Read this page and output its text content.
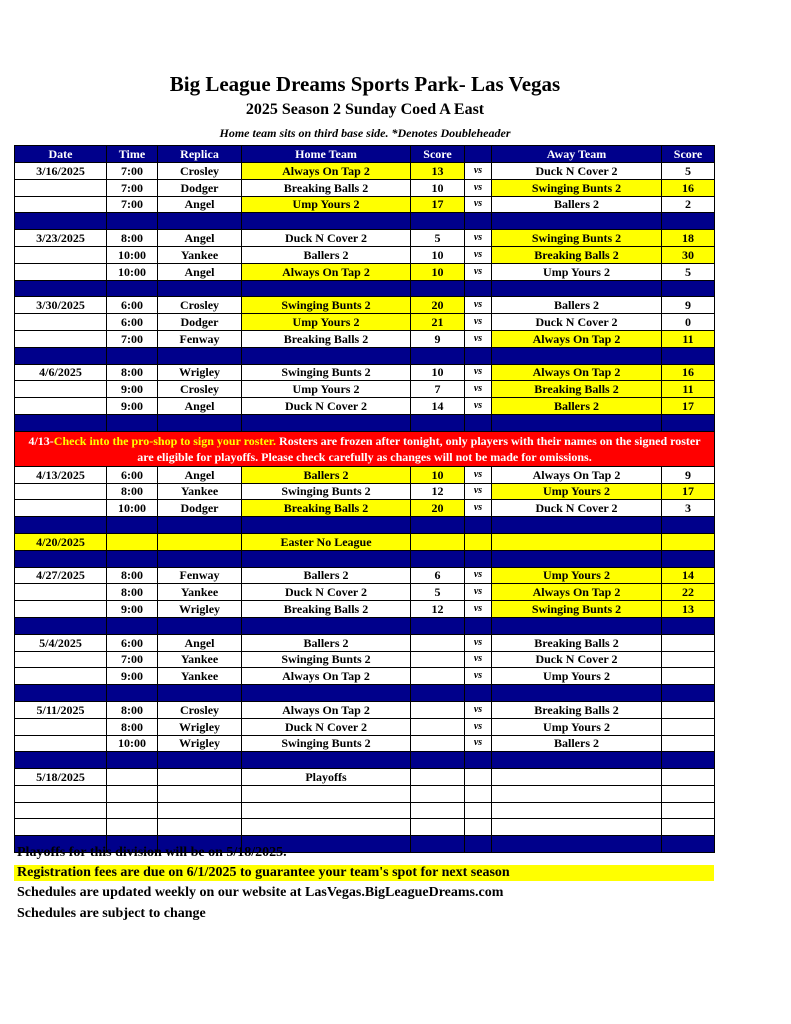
Big League Dreams Sports Park- Las Vegas
2025 Season 2 Sunday Coed A East
Home team sits on third base side. *Denotes Doubleheader
Date	Time	Replica	Home Team	Score		Away Team	Score
3/16/2025	7:00	Crosley	Always On Tap 2	13	vs	Duck N Cover 2	5
	7:00	Dodger	Breaking Balls 2	10	vs	Swinging Bunts 2	16
	7:00	Angel	Ump Yours 2	17	vs	Ballers 2	2

3/23/2025	8:00	Angel	Duck N Cover 2	5	vs	Swinging Bunts 2	18
	10:00	Yankee	Ballers 2	10	vs	Breaking Balls 2	30
	10:00	Angel	Always On Tap 2	10	vs	Ump Yours 2	5

3/30/2025	6:00	Crosley	Swinging Bunts 2	20	vs	Ballers 2	9
	6:00	Dodger	Ump Yours 2	21	vs	Duck N Cover 2	0
	7:00	Fenway	Breaking Balls 2	9	vs	Always On Tap 2	11

4/6/2025	8:00	Wrigley	Swinging Bunts 2	10	vs	Always On Tap 2	16
	9:00	Crosley	Ump Yours 2	7	vs	Breaking Balls 2	11
	9:00	Angel	Duck N Cover 2	14	vs	Ballers 2	17

4/13-Check into the pro-shop to sign your roster. Rosters are frozen after tonight, only players with their names on the signed roster are eligible for playoffs. Please check carefully as changes will not be made for omissions.							
4/13/2025	6:00	Angel	Ballers 2	10	vs	Always On Tap 2	9
	8:00	Yankee	Swinging Bunts 2	12	vs	Ump Yours 2	17
	10:00	Dodger	Breaking Balls 2	20	vs	Duck N Cover 2	3

4/20/2025			Easter No League				

4/27/2025	8:00	Fenway	Ballers 2	6	vs	Ump Yours 2	14
	8:00	Yankee	Duck N Cover 2	5	vs	Always On Tap 2	22
	9:00	Wrigley	Breaking Balls 2	12	vs	Swinging Bunts 2	13

5/4/2025	6:00	Angel	Ballers 2		vs	Breaking Balls 2	
	7:00	Yankee	Swinging Bunts 2		vs	Duck N Cover 2	
	9:00	Yankee	Always On Tap 2		vs	Ump Yours 2	

5/11/2025	8:00	Crosley	Always On Tap 2		vs	Breaking Balls 2	
	8:00	Wrigley	Duck N Cover 2		vs	Ump Yours 2	
	10:00	Wrigley	Swinging Bunts 2		vs	Ballers 2	

5/18/2025			Playoffs				

Playoffs for this division will be on 5/18/2025.
Registration fees are due on 6/1/2025 to guarantee your team's spot for next season
Schedules are updated weekly on our website at LasVegas.BigLeagueDreams.com
Schedules are subject to change
